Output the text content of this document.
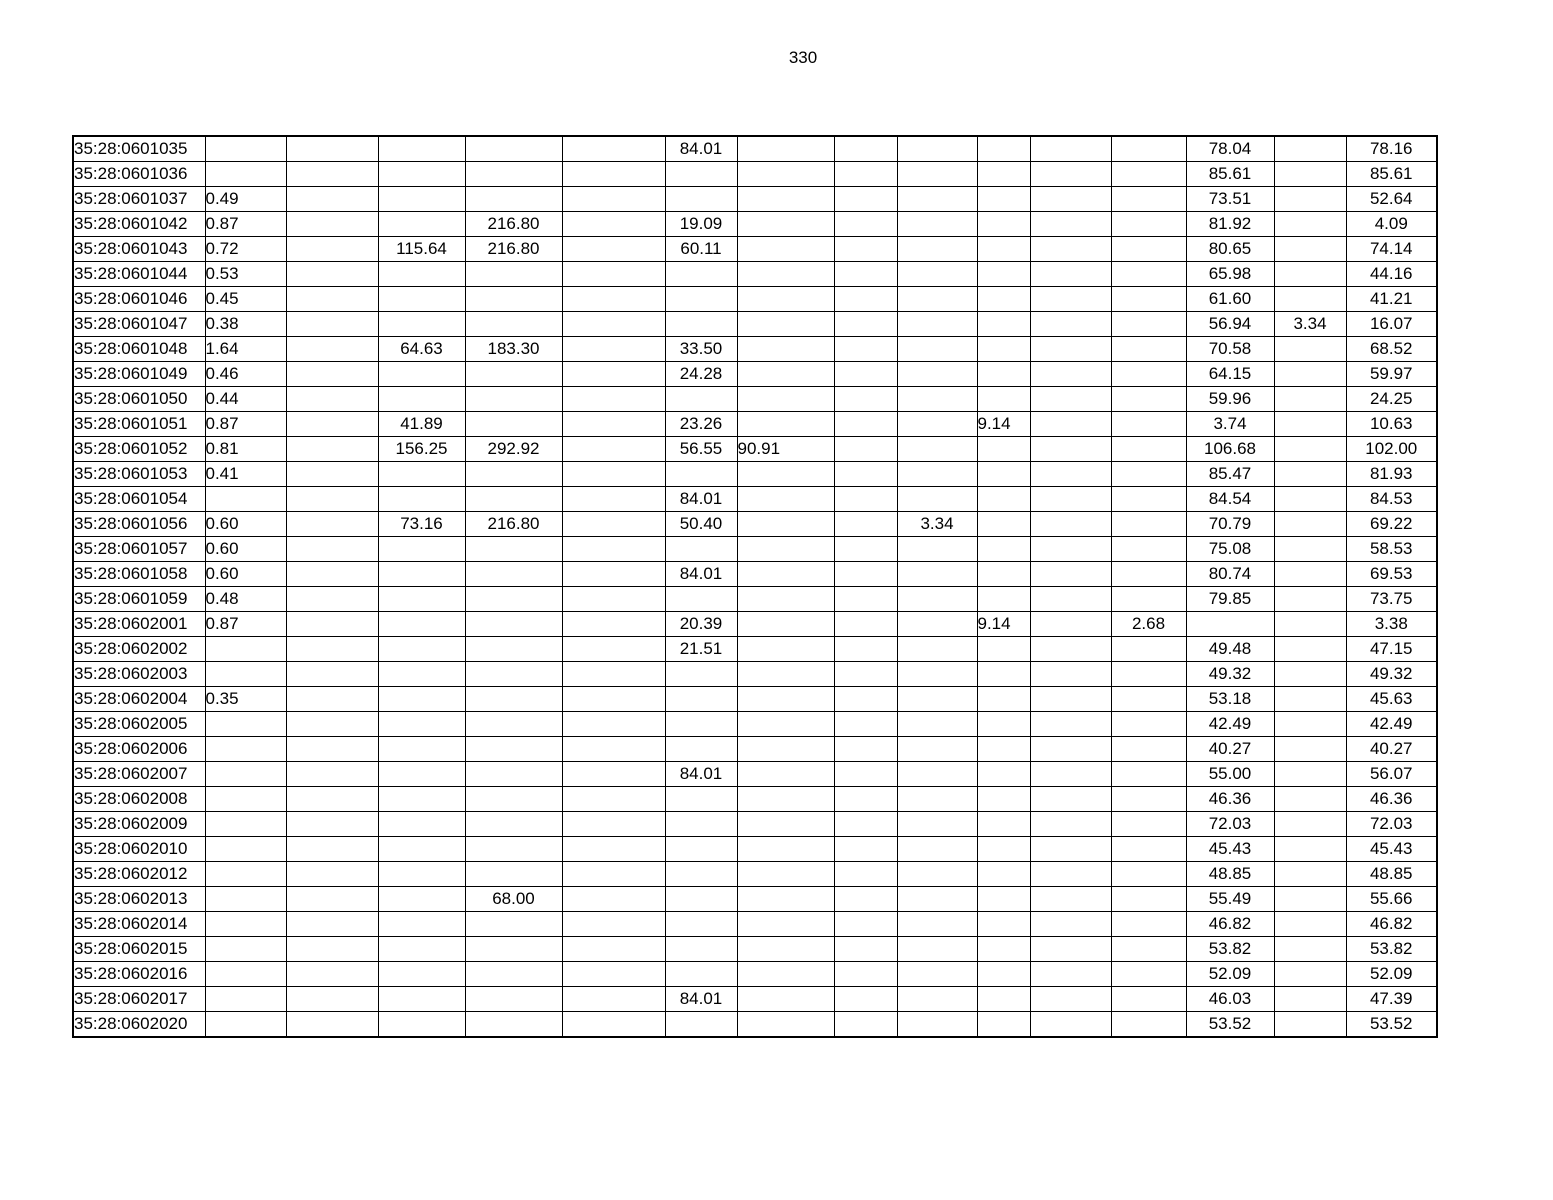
330
35:28:0601035						84.01							78.04		78.16
35:28:0601036													85.61		85.61
35:28:0601037	0.49												73.51		52.64
35:28:0601042	0.87			216.80		19.09							81.92		4.09
35:28:0601043	0.72		115.64	216.80		60.11							80.65		74.14
35:28:0601044	0.53												65.98		44.16
35:28:0601046	0.45												61.60		41.21
35:28:0601047	0.38												56.94	3.34	16.07
35:28:0601048	1.64		64.63	183.30		33.50							70.58		68.52
35:28:0601049	0.46					24.28							64.15		59.97
35:28:0601050	0.44												59.96		24.25
35:28:0601051	0.87		41.89			23.26				9.14			3.74		10.63
35:28:0601052	0.81		156.25	292.92		56.55	90.91						106.68		102.00
35:28:0601053	0.41												85.47		81.93
35:28:0601054						84.01							84.54		84.53
35:28:0601056	0.60		73.16	216.80		50.40			3.34				70.79		69.22
35:28:0601057	0.60												75.08		58.53
35:28:0601058	0.60					84.01							80.74		69.53
35:28:0601059	0.48												79.85		73.75
35:28:0602001	0.87					20.39				9.14		2.68			3.38
35:28:0602002						21.51							49.48		47.15
35:28:0602003													49.32		49.32
35:28:0602004	0.35												53.18		45.63
35:28:0602005													42.49		42.49
35:28:0602006													40.27		40.27
35:28:0602007						84.01							55.00		56.07
35:28:0602008													46.36		46.36
35:28:0602009													72.03		72.03
35:28:0602010													45.43		45.43
35:28:0602012													48.85		48.85
35:28:0602013				68.00									55.49		55.66
35:28:0602014													46.82		46.82
35:28:0602015													53.82		53.82
35:28:0602016													52.09		52.09
35:28:0602017						84.01							46.03		47.39
35:28:0602020													53.52		53.52
